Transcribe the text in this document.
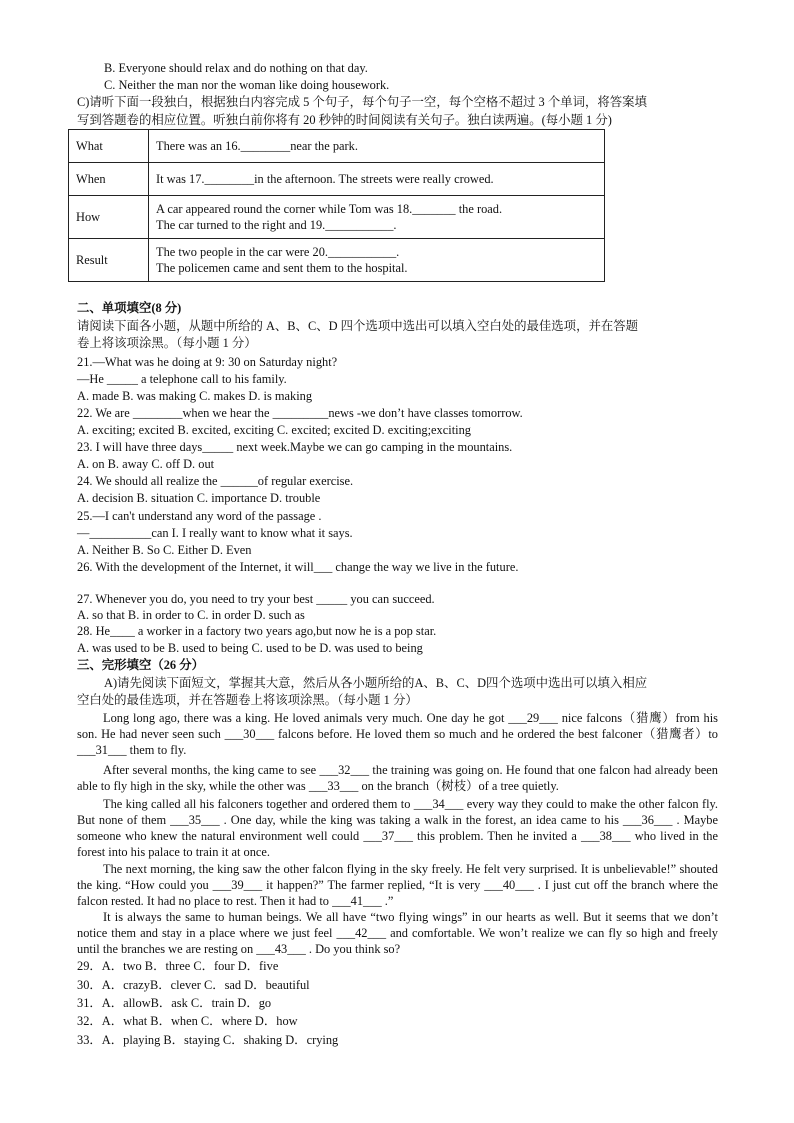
B. Everyone should relax and do nothing on that day.
C. Neither the man nor the woman like doing housework.
C)请听下面一段独白，根据独白内容完成 5 个句子，每个句子一空，每个空格不超过 3 个单词，将答案填
写到答题卷的相应位置。听独白前你将有 20 秒钟的时间阅读有关句子。独白读两遍。(每小题 1 分)
What	There was an 16.________near the park.
When	It was 17.________in the afternoon. The streets were really crowed.
How	A car appeared round the corner while Tom was 18._______ the road.
The car turned to the right and 19.___________.

Result	The two people in the car were 20.___________.
The policemen came and sent them to the hospital.
二、单项填空(8 分)
请阅读下面各小题，从题中所给的 A、B、C、D 四个选项中选出可以填入空白处的最佳选项，并在答题
卷上将该项涂黑。（每小题 1 分）
21.—What was he doing at 9: 30 on Saturday night?
—He _____ a telephone call to his family.
A. made B. was making C. makes D. is making
22. We are ________when we hear the _________news -we don’t have classes tomorrow.
A. exciting; excited B. excited, exciting C. excited; excited D. exciting;exciting
23. I will have three days_____ next week.Maybe we can go camping in the mountains.
A. on B. away C. off D. out
24. We should all realize the ______of regular exercise.
A. decision B. situation C. importance D. trouble
25.—I can't understand any word of the passage .
—__________can I. I really want to know what it says.
A. Neither B. So C. Either D. Even
26. With the development of the Internet, it will___ change the way we live in the future.
27. Whenever you do, you need to try your best _____ you can succeed.
A. so that B. in order to C. in order D. such as
28. He____ a worker in a factory two years ago,but now he is a pop star.
A. was used to be B. used to being C. used to be D. was used to being
三、完形填空（26 分）
A)请先阅读下面短文，掌握其大意，然后从各小题所给的A、B、C、D四个选项中选出可以填入相应
空白处的最佳选项，并在答题卷上将该项涂黑。（每小题 1 分）
Long long ago, there was a king. He loved animals very much. One day he got ___29___ nice falcons（猎鹰）from his son. He had never seen such ___30___ falcons before. He loved them so much and he ordered the best falconer（猎鹰者）to ___31___ them to fly.
After several months, the king came to see ___32___ the training was going on. He found that one falcon had already been able to fly high in the sky, while the other was ___33___ on the branch（树枝）of a tree quietly.
The king called all his falconers together and ordered them to ___34___ every way they could to make the other falcon fly. But none of them ___35___ . One day, while the king was taking a walk in the forest, an idea came to his ___36___ . Maybe someone who knew the natural environment well could ___37___ this problem. Then he invited a ___38___ who lived in the forest into his palace to train it at once.
The next morning, the king saw the other falcon flying in the sky freely. He felt very surprised. It is unbelievable!” shouted the king. “How could you ___39___ it happen?” The farmer replied, “It is very ___40___ . I just cut off the branch where the falcon rested. It had no place to rest. Then it had to ___41___ .”
It is always the same to human beings. We all have “two flying wings” in our hearts as well. But it seems that we don’t notice them and stay in a place where we just feel ___42___ and comfortable. We won’t realize we can fly so high and freely until the branches we are resting on ___43___ . Do you think so?
29．A．two B．three C．four D．five
30．A．crazyB．clever C．sad D．beautiful
31．A．allowB．ask C．train D．go
32．A．what B．when C．where D．how
33．A．playing B．staying C．shaking D．crying
